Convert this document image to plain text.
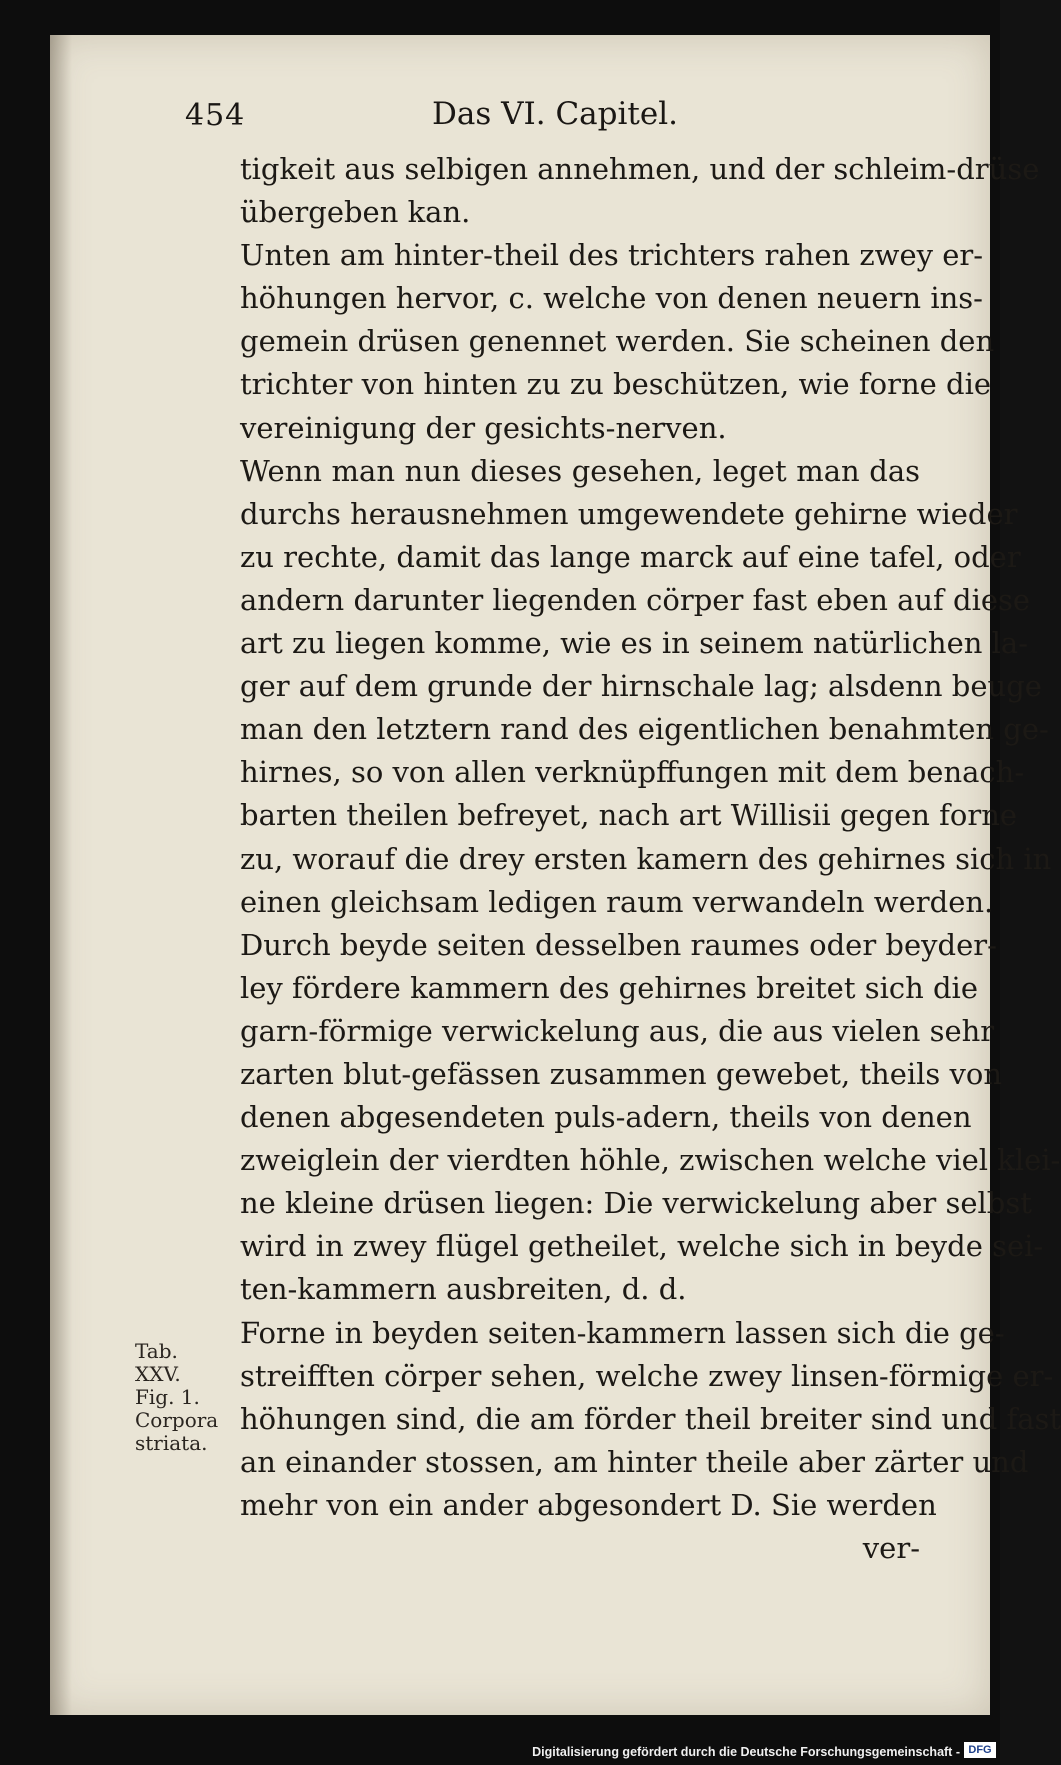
454	Das VI. Capitel.
tigkeit aus selbigen annehmen, und der schleim-drüse
übergeben kan.
Unten am hinter-theil des trichters rahen zwey er-
höhungen hervor, c. welche von denen neuern ins-
gemein drüsen genennet werden. Sie scheinen den
trichter von hinten zu zu beschützen, wie forne die
vereinigung der gesichts-nerven.
Wenn man nun dieses gesehen, leget man das
durchs herausnehmen umgewendete gehirne wieder
zu rechte, damit das lange marck auf eine tafel, oder
andern darunter liegenden cörper fast eben auf diese
art zu liegen komme, wie es in seinem natürlichen la-
ger auf dem grunde der hirnschale lag; alsdenn beuge
man den letztern rand des eigentlichen benahmten ge-
hirnes, so von allen verknüpffungen mit dem benach-
barten theilen befreyet, nach art Willisii gegen forne
zu, worauf die drey ersten kamern des gehirnes sich in
einen gleichsam ledigen raum verwandeln werden.
Durch beyde seiten desselben raumes oder beyder-
ley fördere kammern des gehirnes breitet sich die
garn-förmige verwickelung aus, die aus vielen sehr
zarten blut-gefässen zusammen gewebet, theils von
denen abgesendeten puls-adern, theils von denen
zweiglein der vierdten höhle, zwischen welche viel klei-
ne kleine drüsen liegen: Die verwickelung aber selbst
wird in zwey flügel getheilet, welche sich in beyde sei-
ten-kammern ausbreiten, d. d.
Forne in beyden seiten-kammern lassen sich die ge-
streifften cörper sehen, welche zwey linsen-förmige er-
höhungen sind, die am förder theil breiter sind und fast
an einander stossen, am hinter theile aber zärter und
mehr von ein ander abgesondert D. Sie werden
ver-
Tab.
XXV.
Fig. 1.
Corpora
striata.
Digitalisierung gefördert durch die Deutsche Forschungsgemeinschaft - DFG
